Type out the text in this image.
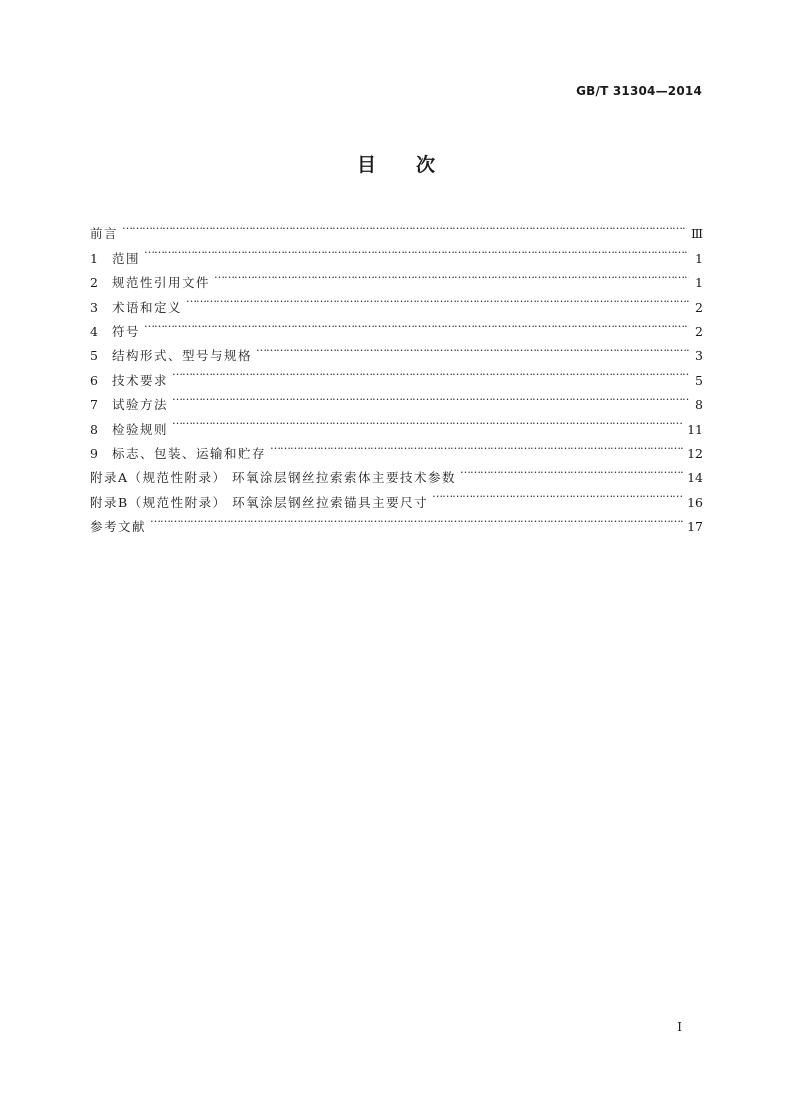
GB/T 31304—2014
目次
前言 …………………………………………………………………………………………………………………………………………………………………………………	Ⅲ
1	范围 …………………………………………………………………………………………………………………………………………………………………………………	1
2	规范性引用文件 …………………………………………………………………………………………………………………………………………………………………………………	1
3	术语和定义 …………………………………………………………………………………………………………………………………………………………………………………	2
4	符号 …………………………………………………………………………………………………………………………………………………………………………………	2
5	结构形式、型号与规格 …………………………………………………………………………………………………………………………………………………………………………………	3
6	技术要求 …………………………………………………………………………………………………………………………………………………………………………………	5
7	试验方法 …………………………………………………………………………………………………………………………………………………………………………………	8
8	检验规则 …………………………………………………………………………………………………………………………………………………………………………………	11
9	标志、包装、运输和贮存 …………………………………………………………………………………………………………………………………………………………………………………	12
附录A（规范性附录） 环氧涂层钢丝拉索索体主要技术参数 …………………………………………………………………………………………………………………………………………………………………………………	14
附录B（规范性附录） 环氧涂层钢丝拉索锚具主要尺寸 …………………………………………………………………………………………………………………………………………………………………………………	16
参考文献 …………………………………………………………………………………………………………………………………………………………………………………	17
Ⅰ
